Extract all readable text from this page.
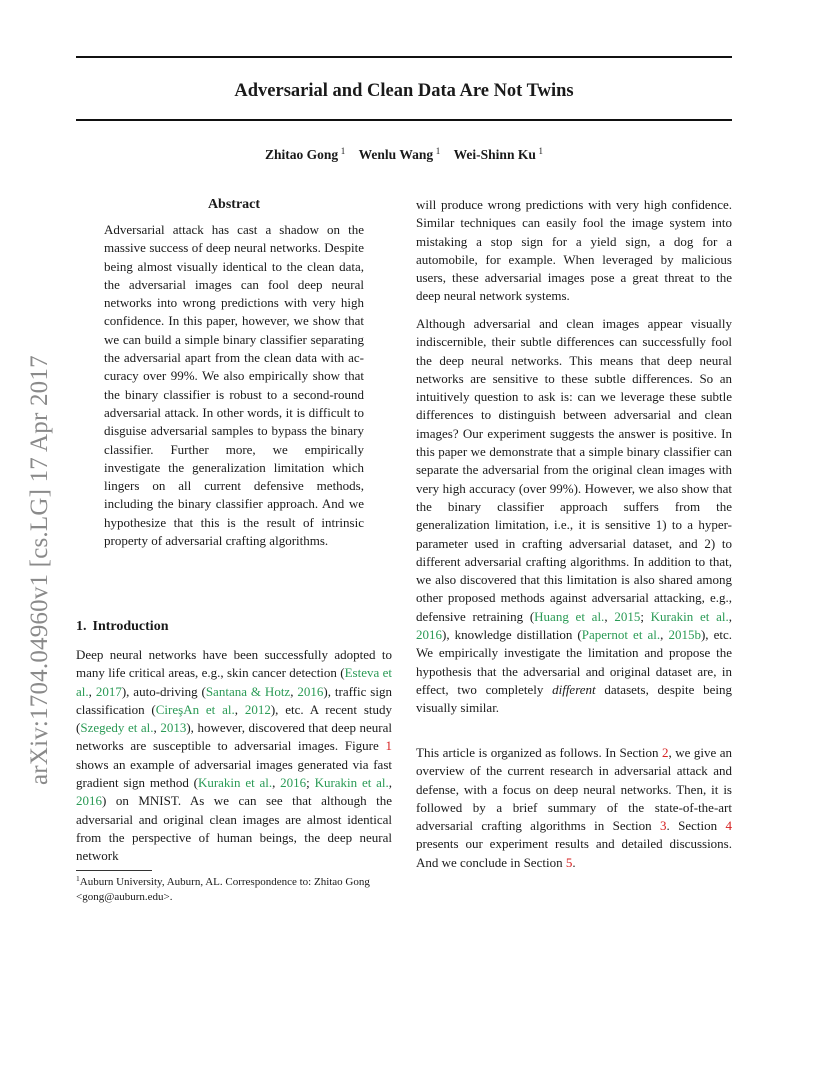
Adversarial and Clean Data Are Not Twins
Zhitao Gong  $^1$ Wenlu Wang  $^1$ Wei-Shinn Ku  $^1$
arXiv:1704.04960v1 [cs.LG] 17 Apr 2017
Abstract

Adversarial attack has cast a shadow on the massive success of deep neural networks. Despite being almost visually identical to the clean data, the adversarial images can fool deep neural networks into wrong predictions with very high confidence. In this paper, however, we show that we can build a simple binary classifier separating the adversarial apart from the clean data with accuracy over 99%. We also empirically show that the binary classifier is robust to a second-round adversarial attack. In other words, it is difficult to disguise adversarial samples to bypass the binary classifier. Further more, we empirically investigate the generalization limitation which lingers on all current defensive methods, including the binary classifier approach. And we hypothesize that this is the result of intrinsic property of adversarial crafting algorithms.

1. Introduction

Deep neural networks have been successfully adopted to many life critical areas, e.g., skin cancer detection (Esteva et al., 2017), auto-driving (Santana & Hotz, 2016), traffic sign classification (CireşAn et al., 2012), etc. A recent study (Szegedy et al., 2013), however, discovered that deep neural networks are susceptible to adversarial images. Figure 1 shows an example of adversarial images generated via fast gradient sign method (Kurakin et al., 2016; Kurakin et al., 2016) on MNIST. As we can see that although the adversarial and original clean images are almost identical from the perspective of human beings, the deep neural network

$^1$Auburn University, Auburn, AL. Correspondence to: Zhitao Gong <gong@auburn.edu>.

will produce wrong predictions with very high confidence. Similar techniques can easily fool the image system into mistaking a stop sign for a yield sign, a dog for a automobile, for example. When leveraged by malicious users, these adversarial images pose a great threat to the deep neural network systems.

Although adversarial and clean images appear visually indiscernible, their subtle differences can successfully fool the deep neural networks. This means that deep neural networks are sensitive to these subtle differences. So an intuitively question to ask is: can we leverage these subtle differences to distinguish between adversarial and clean images? Our experiment suggests the answer is positive. In this paper we demonstrate that a simple binary classifier can separate the adversarial from the original clean images with very high accuracy (over 99%). However, we also show that the binary classifier approach suffers from the generalization limitation, i.e., it is sensitive 1) to a hyper-parameter used in crafting adversarial dataset, and 2) to different adversarial crafting algorithms. In addition to that, we also discovered that this limitation is also shared among other proposed methods against adversarial attacking, e.g., defensive retraining (Huang et al., 2015; Kurakin et al., 2016), knowledge distillation (Papernot et al., 2015b), etc. We empirically investigate the limitation and propose the hypothesis that the adversarial and original dataset are, in effect, two completely different datasets, despite being visually similar.

This article is organized as follows. In Section 2, we give an overview of the current research in adversarial attack and defense, with a focus on deep neural networks. Then, it is followed by a brief summary of the state-of-the-art adversarial crafting algorithms in Section 3. Section 4 presents our experiment results and detailed discussions. And we conclude in Section 5.
